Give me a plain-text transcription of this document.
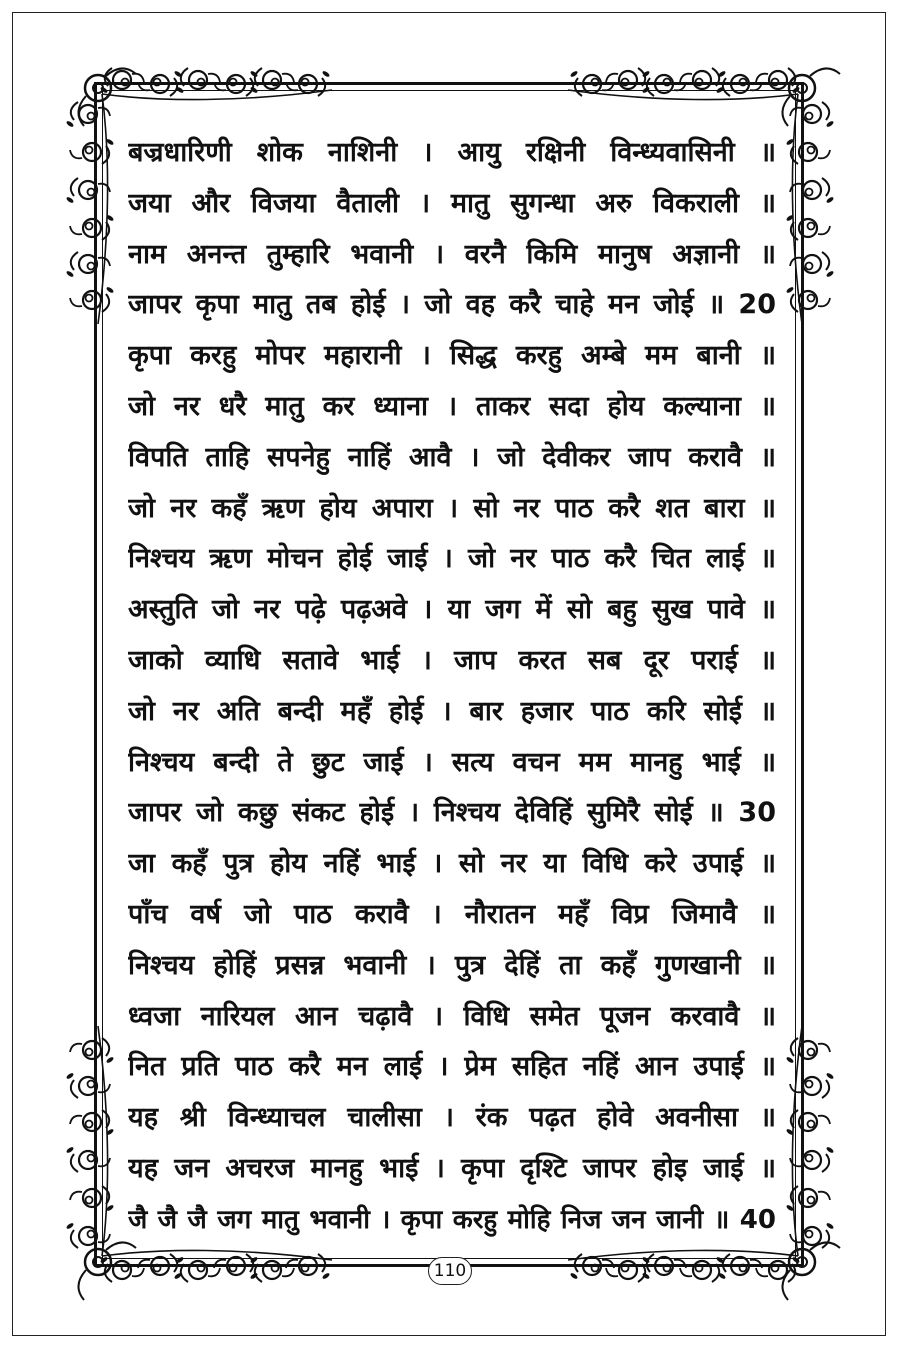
बज्रधारिणी शोक नाशिनी । आयु रक्षिनी विन्ध्यवासिनी ॥
जया और विजया वैताली । मातु सुगन्धा अरु विकराली ॥
नाम अनन्त तुम्हारि भवानी । वरनै किमि मानुष अज्ञानी ॥
जापर कृपा मातु तब होई । जो वह करै चाहे मन जोई ॥ 20
कृपा करहु मोपर महारानी । सिद्ध करहु अम्बे मम बानी ॥
जो नर धरै मातु कर ध्याना । ताकर सदा होय कल्याना ॥
विपति ताहि सपनेहु नाहिं आवै । जो देवीकर जाप करावै ॥
जो नर कहँ ऋण होय अपारा । सो नर पाठ करै शत बारा ॥
निश्चय ऋण मोचन होई जाई । जो नर पाठ करै चित लाई ॥
अस्तुति जो नर पढ़े पढ़अवे । या जग में सो बहु सुख पावे ॥
जाको व्याधि सतावे भाई । जाप करत सब दूर पराई ॥
जो नर अति बन्दी महँ होई । बार हजार पाठ करि सोई ॥
निश्चय बन्दी ते छुट जाई । सत्य वचन मम मानहु भाई ॥
जापर जो कछु संकट होई । निश्चय देविहिं सुमिरै सोई ॥ 30
जा कहँ पुत्र होय नहिं भाई । सो नर या विधि करे उपाई ॥
पाँच वर्ष जो पाठ करावै । नौरातन महँ विप्र जिमावै ॥
निश्चय होहिं प्रसन्न भवानी । पुत्र देहिं ता कहँ गुणखानी ॥
ध्वजा नारियल आन चढ़ावै । विधि समेत पूजन करवावै ॥
नित प्रति पाठ करै मन लाई । प्रेम सहित नहिं आन उपाई ॥
यह श्री विन्ध्याचल चालीसा । रंक पढ़त होवे अवनीसा ॥
यह जन अचरज मानहु भाई । कृपा दृश्टि जापर होइ जाई ॥
जै जै जै जग मातु भवानी । कृपा करहु मोहि निज जन जानी ॥ 40
110
